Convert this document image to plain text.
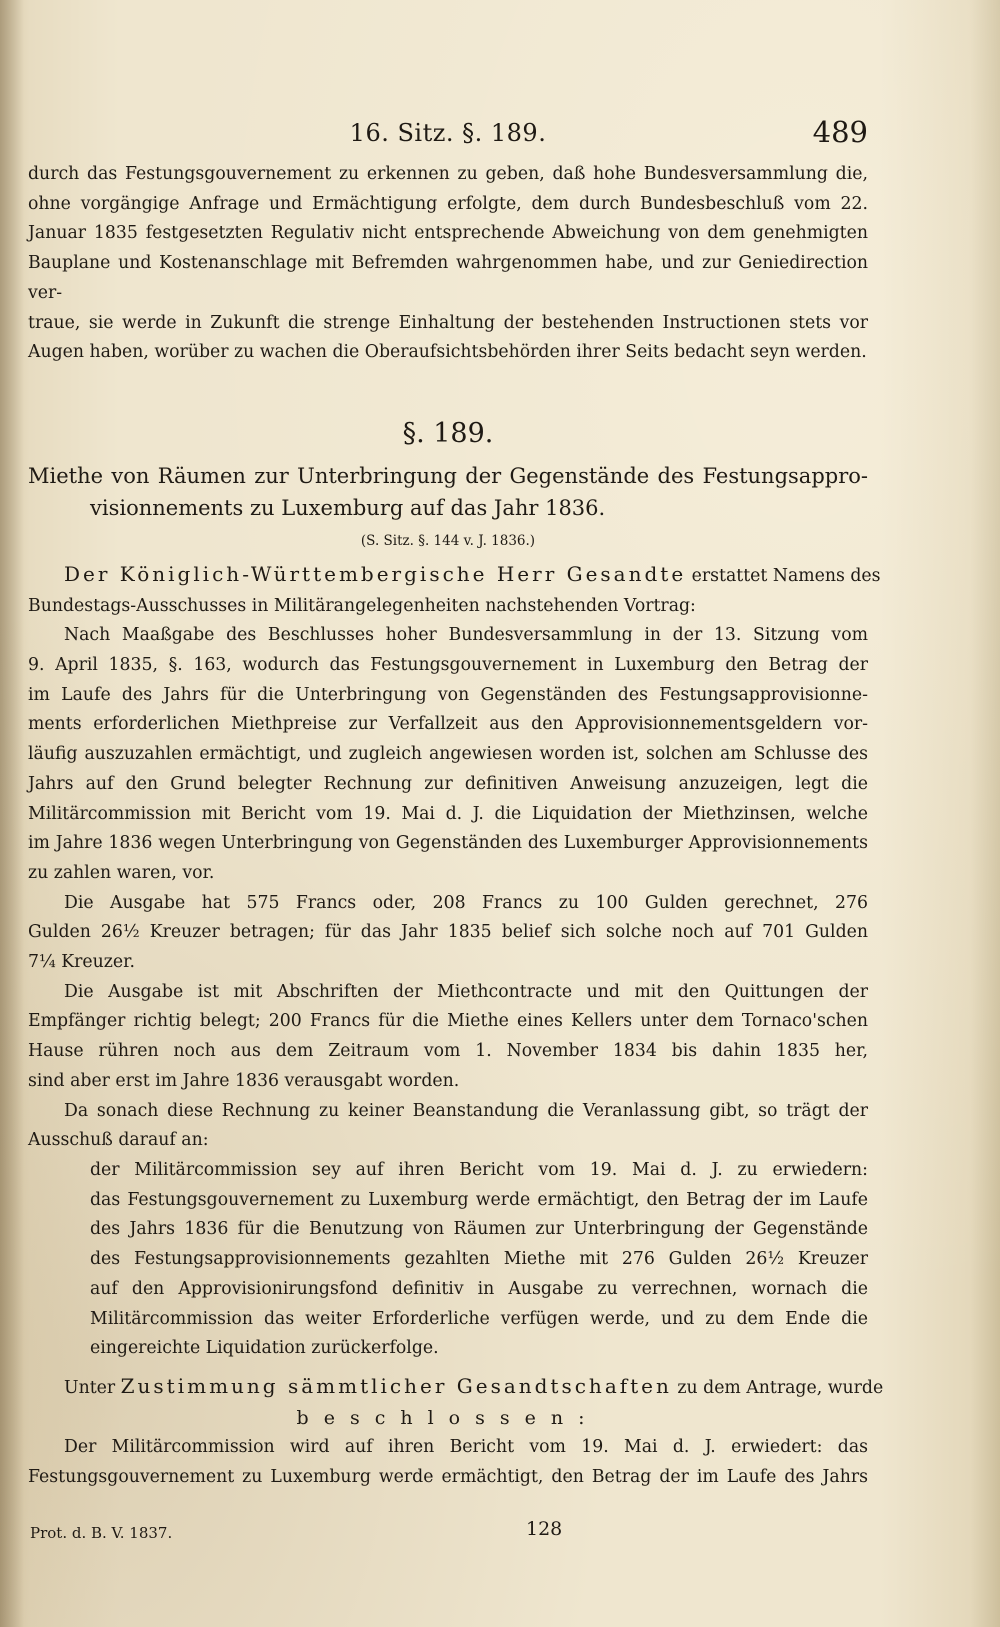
16. Sitz. §. 189.	489
durch das Festungsgouvernement zu erkennen zu geben, daß hohe Bundesversammlung die,
ohne vorgängige Anfrage und Ermächtigung erfolgte, dem durch Bundesbeschluß vom 22.
Januar 1835 festgesetzten Regulativ nicht entsprechende Abweichung von dem genehmigten
Bauplane und Kostenanschlage mit Befremden wahrgenommen habe, und zur Geniedirection ver-
traue, sie werde in Zukunft die strenge Einhaltung der bestehenden Instructionen stets vor
Augen haben, worüber zu wachen die Oberaufsichtsbehörden ihrer Seits bedacht seyn werden.
§. 189.
Miethe von Räumen zur Unterbringung der Gegenstände des Festungsappro-
visionnements zu Luxemburg auf das Jahr 1836.
(S. Sitz. §. 144 v. J. 1836.)
Der Königlich-Württembergische Herr Gesandte erstattet Namens des
Bundestags-Ausschusses in Militärangelegenheiten nachstehenden Vortrag:
Nach Maaßgabe des Beschlusses hoher Bundesversammlung in der 13. Sitzung vom
9. April 1835, §. 163, wodurch das Festungsgouvernement in Luxemburg den Betrag der
im Laufe des Jahrs für die Unterbringung von Gegenständen des Festungsapprovisionne-
ments erforderlichen Miethpreise zur Verfallzeit aus den Approvisionnementsgeldern vor-
läufig auszuzahlen ermächtigt, und zugleich angewiesen worden ist, solchen am Schlusse des
Jahrs auf den Grund belegter Rechnung zur definitiven Anweisung anzuzeigen, legt die
Militärcommission mit Bericht vom 19. Mai d. J. die Liquidation der Miethzinsen, welche
im Jahre 1836 wegen Unterbringung von Gegenständen des Luxemburger Approvisionnements
zu zahlen waren, vor.
Die Ausgabe hat 575 Francs oder, 208 Francs zu 100 Gulden gerechnet, 276
Gulden 26½ Kreuzer betragen; für das Jahr 1835 belief sich solche noch auf 701 Gulden
7¼ Kreuzer.
Die Ausgabe ist mit Abschriften der Miethcontracte und mit den Quittungen der
Empfänger richtig belegt; 200 Francs für die Miethe eines Kellers unter dem Tornaco'schen
Hause rühren noch aus dem Zeitraum vom 1. November 1834 bis dahin 1835 her,
sind aber erst im Jahre 1836 verausgabt worden.
Da sonach diese Rechnung zu keiner Beanstandung die Veranlassung gibt, so trägt der
Ausschuß darauf an:
der Militärcommission sey auf ihren Bericht vom 19. Mai d. J. zu erwiedern:
das Festungsgouvernement zu Luxemburg werde ermächtigt, den Betrag der im Laufe
des Jahrs 1836 für die Benutzung von Räumen zur Unterbringung der Gegenstände
des Festungsapprovisionnements gezahlten Miethe mit 276 Gulden 26½ Kreuzer
auf den Approvisionirungsfond definitiv in Ausgabe zu verrechnen, wornach die
Militärcommission das weiter Erforderliche verfügen werde, und zu dem Ende die
eingereichte Liquidation zurückerfolge.
Unter Zustimmung sämmtlicher Gesandtschaften zu dem Antrage, wurde
beschlossen:
Der Militärcommission wird auf ihren Bericht vom 19. Mai d. J. erwiedert: das
Festungsgouvernement zu Luxemburg werde ermächtigt, den Betrag der im Laufe des Jahrs
Prot. d. B. V. 1837.	128
